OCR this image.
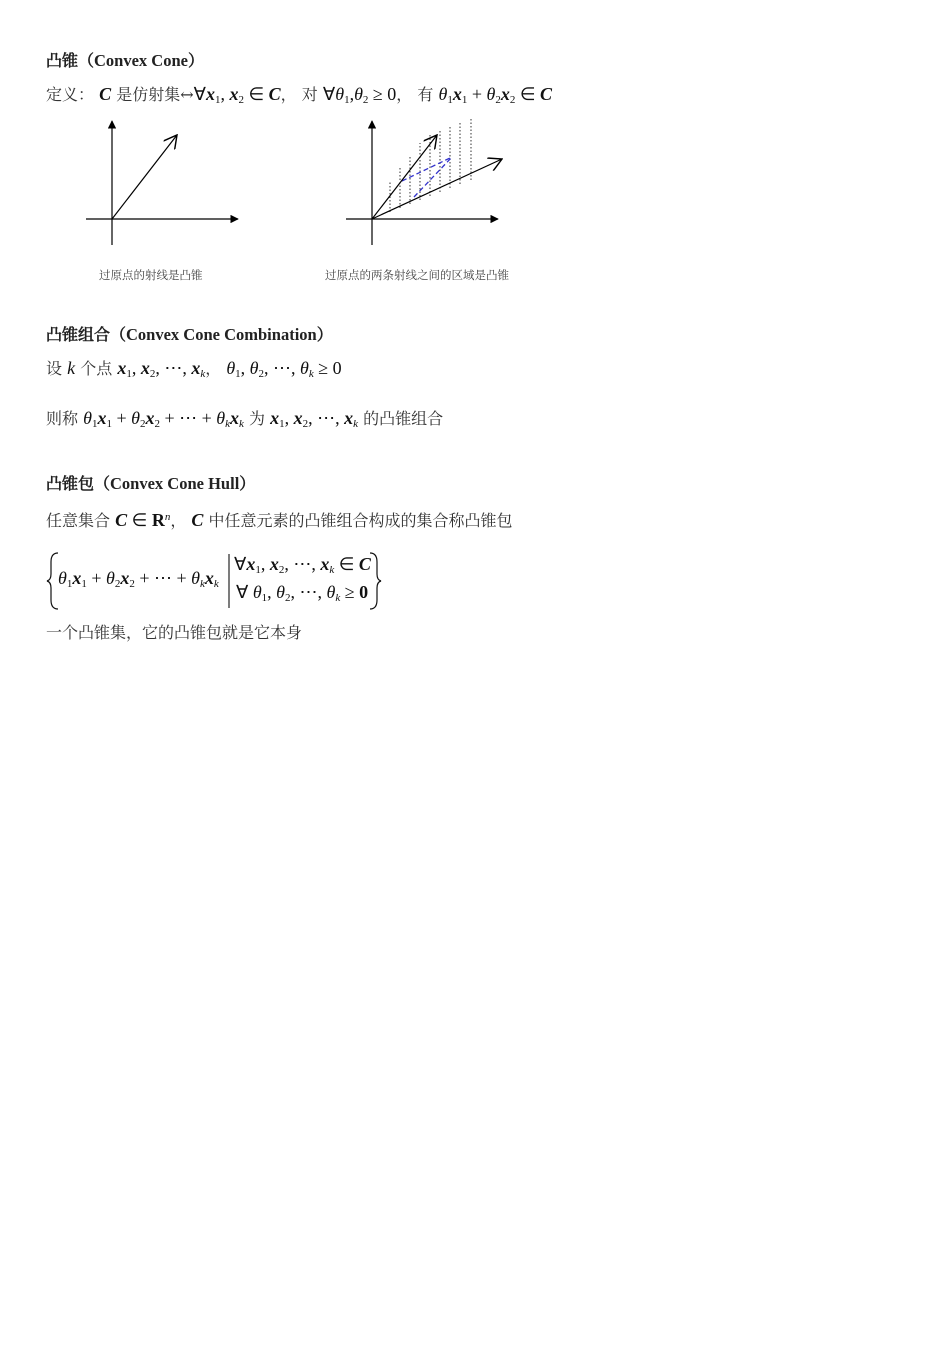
凸锥（Convex Cone）
定义： C 是仿射集$\leftrightarrow\forall x_1$, $x_2$ ∈ C， 对 $\forall\theta_1,\theta_2 \ge 0$， 有 $\theta_1x_1 + \theta_2x_2$ ∈ C
过原点的射线是凸锥	过原点的两条射线之间的区域是凸锥
凸锥组合（Convex Cone Combination）
设 k 个点 $x_1$, $x_2$, ⋯, $x_k$， $\theta_1$, $\theta_2$, ⋯, $\theta_k \ge 0$
则称 $\theta_1x_1 + \theta_2x_2$ + ⋯ + $\theta_kx_k$ 为 $x_1$, $x_2$, ⋯, $x_k$ 的凸锥组合
凸锥包（Convex Cone Hull）
任意集合 C ∈ $R^n$， C 中任意元素的凸锥组合构成的集合称凸锥包
$\theta_1x_1 + \theta_2x_2$ + ⋯ + $\theta_kx_k$
$\forall x_1$, $x_2$, ⋯, $x_k$ ∈ C
∀ $\theta_1$, $\theta_2$, ⋯, $\theta_k \ge 0$
一个凸锥集，它的凸锥包就是它本身
